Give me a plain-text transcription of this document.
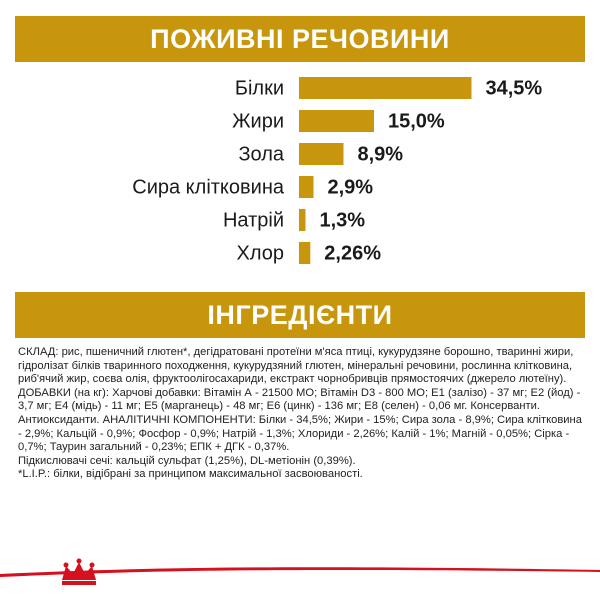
ПОЖИВНІ РЕЧОВИНИ
Білки	34,5%
Жири	15,0%
Зола	8,9%
Сира клітковина 2,9%
Натрій 1,3%
Хлор 2,26%
ІНГРЕДІЄНТИ
СКЛАД: рис, пшеничний глютен*, дегідратовані протеїни м'яса птиці, кукурудзяне борошно, тваринні жири, гідролізат білків тваринного походження, кукурудзяний глютен, мінеральні речовини, рослинна клітковина, риб'ячий жир, соєва олія, фруктоолігосахариди, екстракт чорнобривців прямостоячих (джерело лютеїну). ДОБАВКИ (на кг): Харчові добавки: Вітамін А - 21500 МО; Вітамін D3 - 800 МО; E1 (залізо) - 37 мг; E2 (йод) - 3,7 мг; E4 (мідь) - 11 мг; E5 (марганець) - 48 мг; E6 (цинк) - 136 мг; E8 (селен) - 0,06 мг. Консерванти. Антиоксиданти. АНАЛІТИЧНІ КОМПОНЕНТИ: Білки - 34,5%; Жири - 15%; Сира зола - 8,9%; Сира клітковина - 2,9%; Кальцій - 0,9%; Фосфор - 0,9%; Натрій - 1,3%; Хлориди - 2,26%; Калій - 1%; Магній - 0,05%; Сірка - 0,7%; Таурин загальний - 0,23%; ЕПК + ДГК - 0,37%.
Підкислювачі сечі: кальцій сульфат (1,25%), DL-метіонін (0,39%).
*L.I.P.: білки, відібрані за принципом максимальної засвоюваності.
